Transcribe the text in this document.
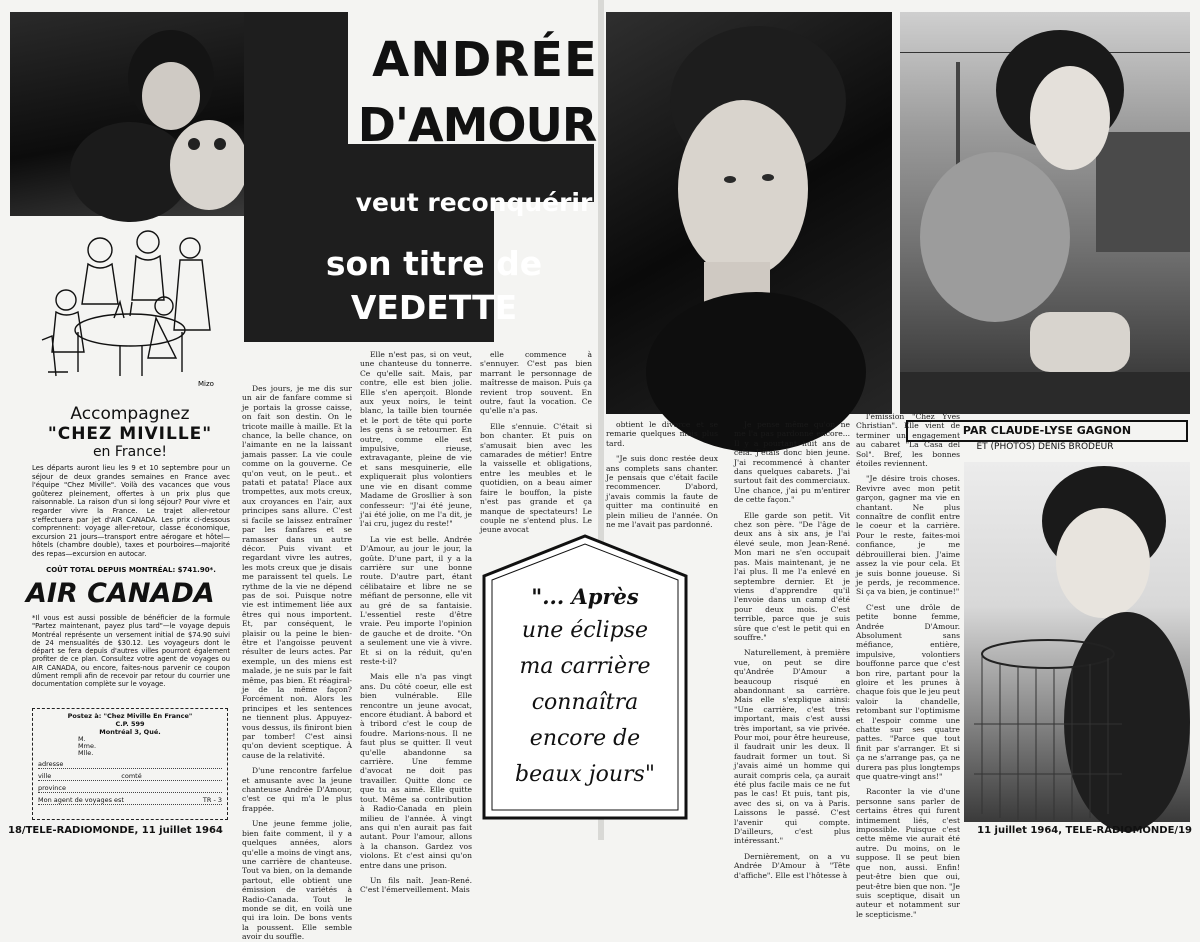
ANDRÉE
D'AMOUR
veut reconquérir
son titre de
VEDETTE
Mizo
Accompagnez
"CHEZ MIVILLE"
en France!
Les départs auront lieu les 9 et 10 septembre pour un séjour de deux grandes semaines en France avec l'équipe "Chez Miville". Voilà des vacances que vous goûterez pleinement, offertes à un prix plus que raisonnable. La raison d'un si long séjour? Pour vivre et regarder vivre la France. Le trajet aller-retour s'effectuera par jet d'AIR CANADA. Les prix ci-dessous comprennent: voyage aller-retour, classe économique, excursion 21 jours—transport entre aérogare et hôtel—hôtels (chambre double), taxes et pourboires—majorité des repas—excursion en autocar.
COÛT TOTAL DEPUIS MONTRÉAL: $741.90*.
AIR CANADA
*Il vous est aussi possible de bénéficier de la formule "Partez maintenant, payez plus tard"—le voyage depuis Montréal représente un versement initial de $74.90 suivi de 24 mensualités de $30.12. Les voyageurs dont le départ se fera depuis d'autres villes pourront également profiter de ce plan. Consultez votre agent de voyages ou AIR CANADA, ou encore, faites-nous parvenir ce coupon dûment rempli afin de recevoir par retour du courrier une documentation complète sur le voyage.
Postez à: "Chez Miville En France"
C.P. 599
Montréal 3, Qué.
M.
Mme.
Mlle.
adresse
ville	comté
province
Mon agent de voyages est	TR - 3

Des jours, je me dis sur un air de fanfare comme si je portais la grosse caisse, on fait son destin. On le tricote maille à maille. Et la chance, la belle chance, on l'aimante en ne la laissant jamais passer. La vie coule comme on la gouverne. Ce qu'on veut, on le peut.. et patati et patata! Place aux trompettes, aux mots creux, aux croyances en l'air, aux principes sans allure. C'est si facile se laissez entraîner par les fanfares et se ramasser dans un autre décor. Puis vivant et regardant vivre les autres, les mots creux que je disais me paraissent tel quels. Le rythme de la vie ne dépend pas de soi. Puisque notre vie est intimement liée aux êtres qui nous importent. Et, par conséquent, le plaisir ou la peine le bien-être et l'angoisse peuvent résulter de leurs actes. Par exemple, un des miens est malade, je ne suis par le fait même, pas bien. Et réagiral-je de la même façon? Forcément non. Alors les principes et les sentences ne tiennent plus. Appuyez-vous dessus, ils finiront bien par tomber! C'est ainsi qu'on devient sceptique. À cause de la relativité.

D'une rencontre farfelue et amusante avec la jeune chanteuse Andrée D'Amour, c'est ce qui m'a le plus frappée.

Une jeune femme jolie, bien faite comment, il y a quelques années, alors qu'elle a moins de vingt ans, une carrière de chanteuse. Tout va bien, on la demande partout, elle obtient une émission de variétés à Radio-Canada. Tout le monde se dit, en voilà une qui ira loin. De bons vents la poussent. Elle semble avoir du souffle.

Elle n'est pas, si on veut, une chanteuse du tonnerre. Ce qu'elle sait. Mais, par contre, elle est bien jolie. Elle s'en aperçoit. Blonde aux yeux noirs, le teint blanc, la taille bien tournée et le port de tête qui porte les gens à se retourner. En outre, comme elle est impulsive, rieuse, extravagante, pleine de vie et sans mesquinerie, elle expliquerait plus volontiers une vie en disant comme Madame de Grosllier à son confesseur: "J'ai été jeune, j'ai été jolie, on me l'a dit, je l'ai cru, jugez du reste!"

La vie est belle. Andrée D'Amour, au jour le jour, la goûte. D'une part, il y a la carrière sur une bonne route. D'autre part, étant célibataire et libre ne se méfiant de personne, elle vit au gré de sa fantaisie. L'essentiel reste d'être vraie. Peu importe l'opinion de gauche et de droite. "On a seulement une vie à vivre. Et si on la réduit, qu'en reste-t-il?

Mais elle n'a pas vingt ans. Du côté coeur, elle est bien vulnérable. Elle rencontre un jeune avocat, encore étudiant. À babord et à tribord c'est le coup de foudre. Marions-nous. Il ne faut plus se quitter. Il veut qu'elle abandonne sa carrière. Une femme d'avocat ne doit pas travailler. Quitte donc ce que tu as aimé. Elle quitte tout. Même sa contribution à Radio-Canada en plein milieu de l'année. À vingt ans qui n'en aurait pas fait autant. Pour l'amour, allons à la chanson. Gardez vos violons. Et c'est ainsi qu'on entre dans une prison.

Un fils naît. Jean-René. C'est l'émerveillement. Mais

elle commence à s'ennuyer. C'est pas bien marrant le personnage de maîtresse de maison. Puis ça revient trop souvent. En outre, faut la vocation. Ce qu'elle n'a pas.

Elle s'ennuie. C'était si bon chanter. Et puis on s'amusait bien avec les camarades de métier! Entre la vaisselle et obligations, entre les meubles et le quotidien, on a beau aimer faire le bouffon, la piste n'est pas grande et ça manque de spectateurs! Le couple ne s'entend plus. Le jeune avocat

PAR CLAUDE-LYSE GAGNON
ET (PHOTOS) DENIS BRODEUR
"... Après
une éclipse
ma carrière
connaîtra
encore de
beaux jours"

obtient le divorce et se remarie quelques mois plus tard.

"Je suis donc restée deux ans complets sans chanter. Je pensais que c'était facile recommencer. D'abord, j'avais commis la faute de quitter ma continuité en plein milieu de l'année. On ne me l'avait pas pardonné.

Je pense même qu'on ne me l'a pas pardonné encore... Il y a pourtant huit ans de cela. J'étais donc bien jeune. J'ai recommencé à chanter dans quelques cabarets. J'ai surtout fait des commerciaux. Une chance, j'ai pu m'entirer de cette façon."

Elle garde son petit. Vit chez son père. "De l'âge de deux ans à six ans, je l'ai élevé seule, mon Jean-René. Mon mari ne s'en occupait pas. Mais maintenant, je ne l'ai plus. Il me l'a enlevé en septembre dernier. Et je viens d'apprendre qu'il l'envoie dans un camp d'été pour deux mois. C'est terrible, parce que je suis sûre que c'est le petit qui en souffre."

Naturellement, à première vue, on peut se dire qu'Andrée D'Amour a beaucoup risqué en abandonnant sa carrière. Mais elle s'explique ainsi: "Une carrière, c'est très important, mais c'est aussi très important, sa vie privée. Pour moi, pour être heureuse, il faudrait unir les deux. Il faudrait former un tout. Si j'avais aimé un homme qui aurait compris cela, ça aurait été plus facile mais ce ne fut pas le cas! Et puis, tant pis, avec des si, on va à Paris. Laissons le passé. C'est l'avenir qui compte. D'ailleurs, c'est plus intéressant."

Dernièrement, on a vu Andrée D'Amour à "Tête d'affiche". Elle est l'hôtesse à

l'émission "Chez Yves Christian". Elle vient de terminer un engagement au cabaret "La Casa del Sol". Bref, les bonnes étoiles reviennent.

"Je désire trois choses. Revivre avec mon petit garçon, gagner ma vie en chantant. Ne plus connaître de conflit entre le coeur et la carrière. Pour le reste, faites-moi confiance, je me débrouillerai bien. J'aime assez la vie pour cela. Et je suis bonne joueuse. Si je perds, je recommence. Si ça va bien, je continue!"

C'est une drôle de petite bonne femme, Andrée D'Amour. Absolument sans méfiance, entière, impulsive, volontiers bouffonne parce que c'est bon rire, partant pour la gloire et les prunes à chaque fois que le jeu peut valoir la chandelle, retombant sur l'optimisme et l'espoir comme une chatte sur ses quatre pattes. "Parce que tout finit par s'arranger. Et si ça ne s'arrange pas, ça ne durera pas plus longtemps que quatre-vingt ans!"

Raconter la vie d'une personne sans parler de certains êtres qui furent intimement liés, c'est impossible. Puisque c'est cette même vie aurait été autre. Du moins, on le suppose. Il se peut bien que non, aussi. Enfin! peut-être bien que oui, peut-être bien que non. "Je suis sceptique, disait un auteur et notamment sur le scepticisme."

18/TELE-RADIOMONDE, 11 juillet 1964	11 juillet 1964, TELE-RADIOMONDE/19
